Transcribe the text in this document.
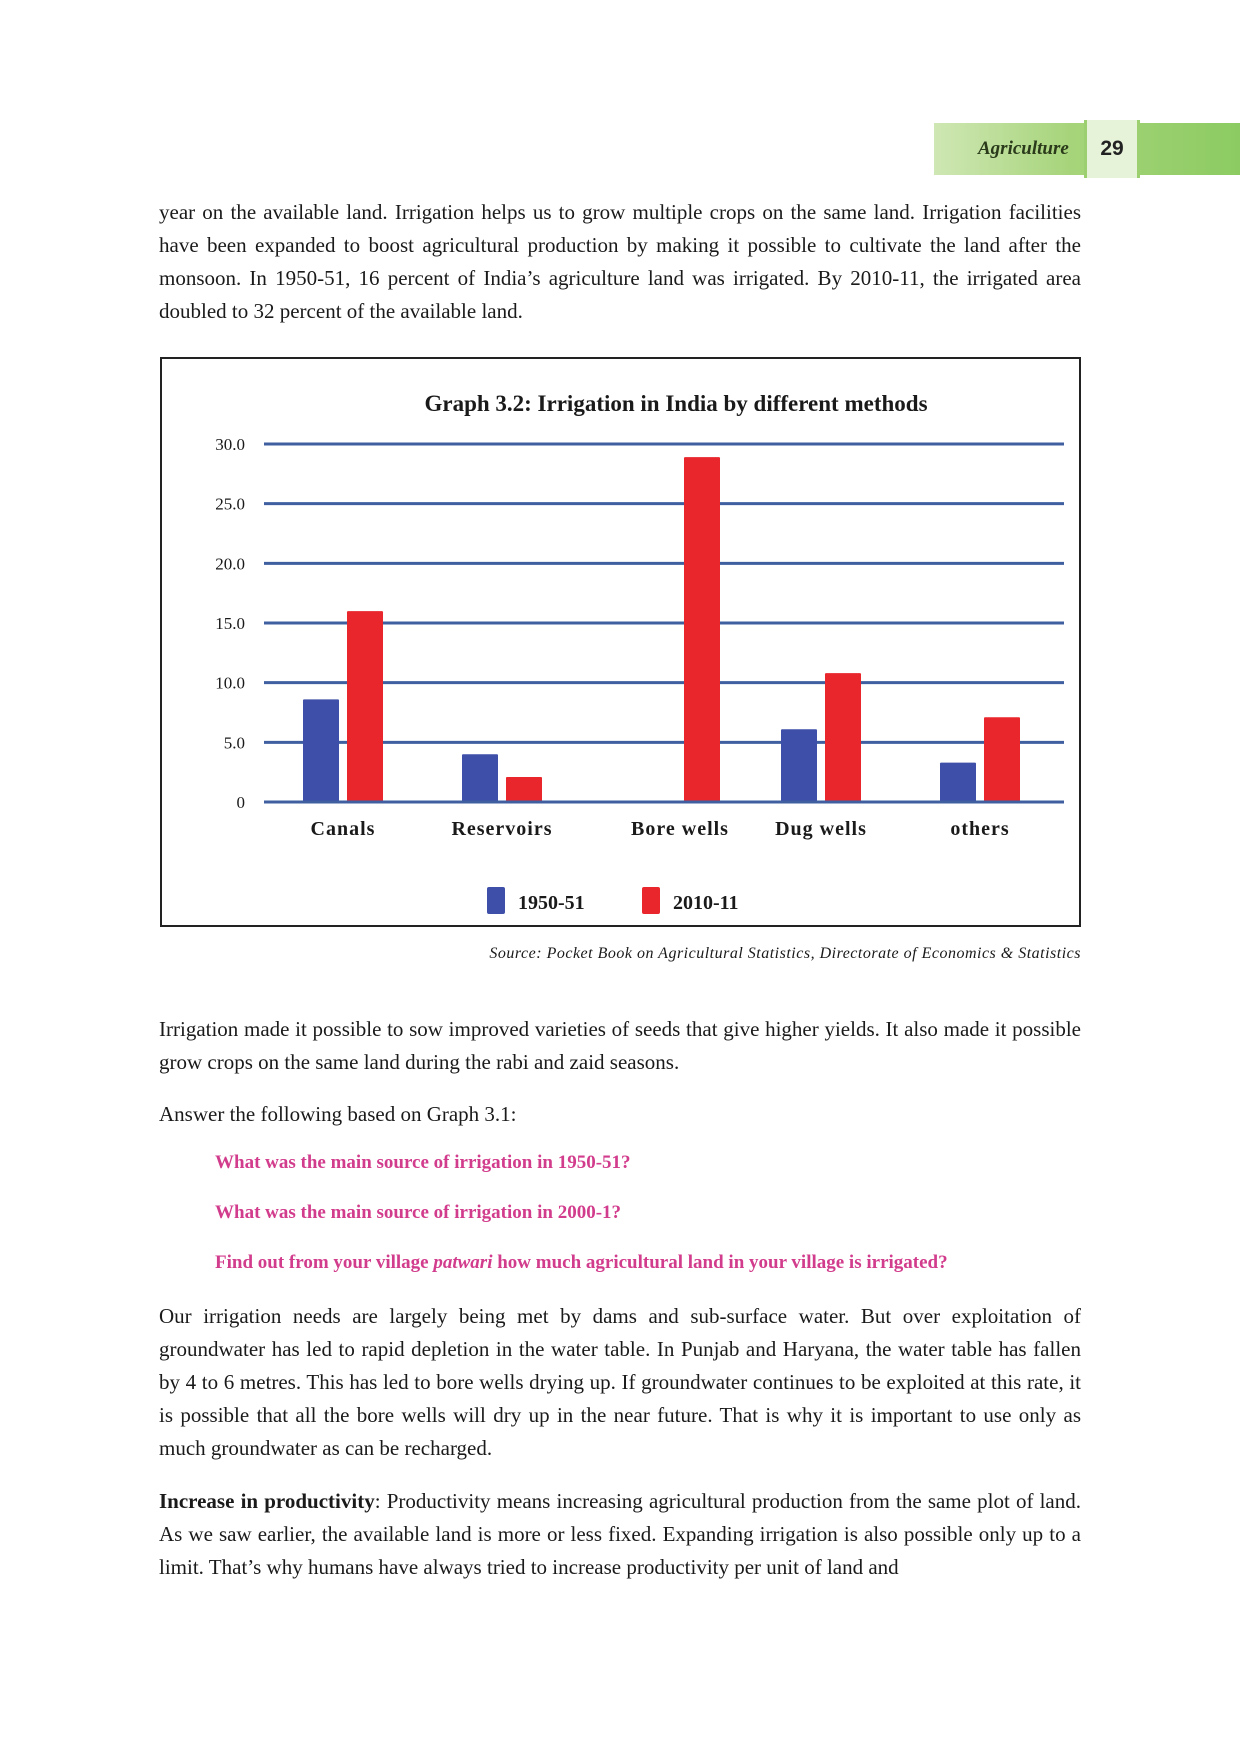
Agriculture	29

year on the available land. Irrigation helps us to grow multiple crops on the same land. Irrigation facilities have been expanded to boost agricultural production by making it possible to cultivate the land after the monsoon. In 1950-51, 16 percent of India’s agriculture land was irrigated. By 2010-11, the irrigated area doubled to 32 percent of the available land.

Graph 3.2: Irrigation in India by different methods
0
5.0
10.0
15.0
20.0
25.0
30.0
Canals	Reservoirs	Bore wells Dug wells	others
1950-51	2010-11
Source: Pocket Book on Agricultural Statistics, Directorate of Economics & Statistics

Irrigation made it possible to sow improved varieties of seeds that give higher yields. It also made it possible grow crops on the same land during the rabi and zaid seasons.

Answer the following based on Graph 3.1:

What was the main source of irrigation in 1950-51?
What was the main source of irrigation in 2000-1?
Find out from your village patwari how much agricultural land in your village is irrigated?

Our irrigation needs are largely being met by dams and sub-surface water. But over exploitation of groundwater has led to rapid depletion in the water table. In Punjab and Haryana, the water table has fallen by 4 to 6 metres. This has led to bore wells drying up. If groundwater continues to be exploited at this rate, it is possible that all the bore wells will dry up in the near future. That is why it is important to use only as much groundwater as can be recharged.

Increase in productivity: Productivity means increasing agricultural production from the same plot of land. As we saw earlier, the available land is more or less fixed. Expanding irrigation is also possible only up to a limit. That’s why humans have always tried to increase productivity per unit of land and
